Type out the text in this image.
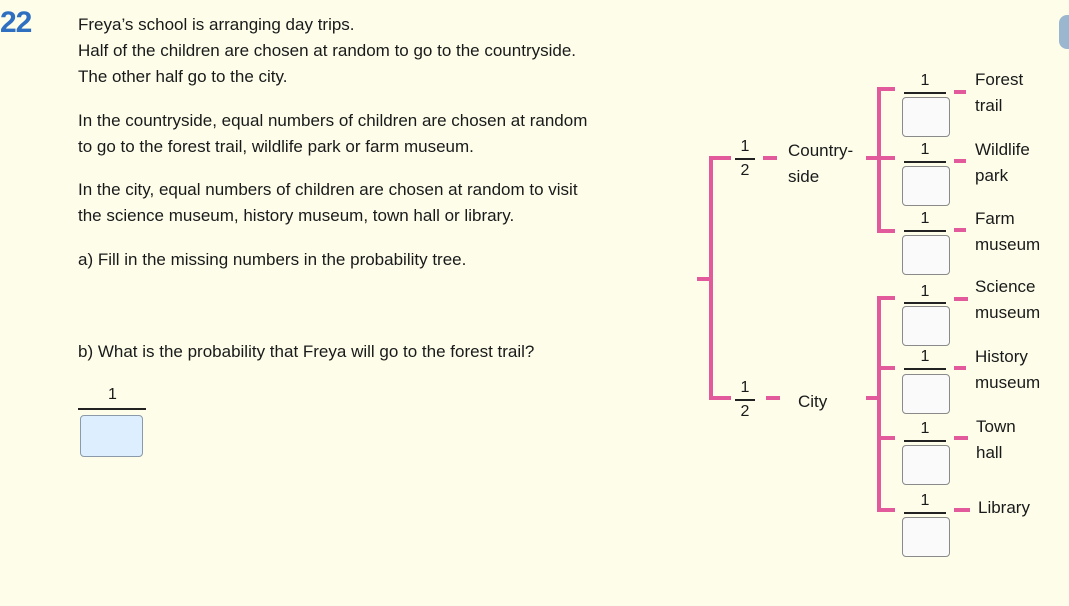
22	Freya’s school is arranging day trips.
Half of the children are chosen at random to go to the countryside.
The other half go to the city.

In the countryside, equal numbers of children are chosen at random
to go to the forest trail, wildlife park or farm museum.

In the city, equal numbers of children are chosen at random to visit
the science museum, history museum, town hall or library.

a) Fill in the missing numbers in the probability tree.

b) What is the probability that Freya will go to the forest trail?

1
1
2
Country-
side
1
2
City
1	Forest
trail
1	Wildlife
park
1	Farm
museum
1	Science
museum
1	History
museum
1	Town
hall
1	Library
